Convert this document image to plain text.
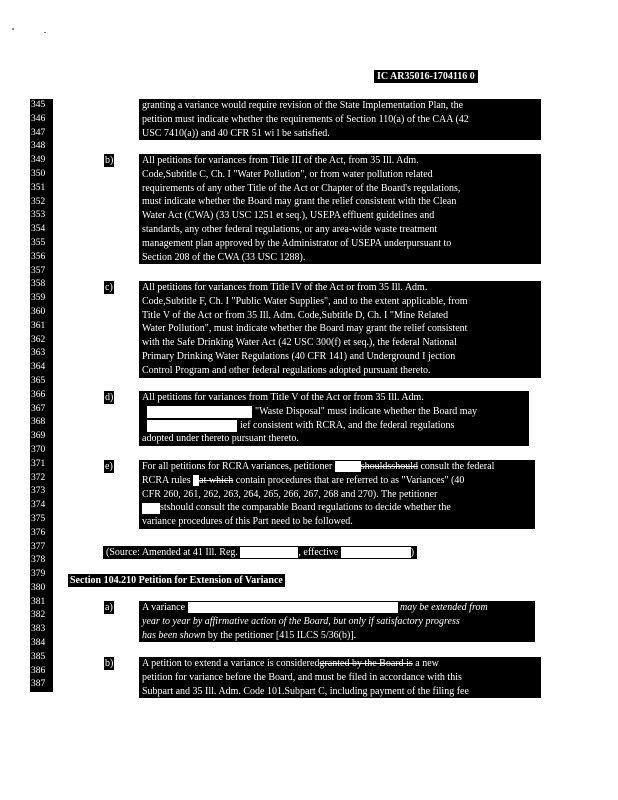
IC AR35016-1704116 0
345
346
347
348
349
350
351
352
353
354
355
356
357
358
359
360
361
362
363
364
365
366
367
368
369
370
371
372
373
374
375
376
377
378
379
380
381
382
383
384
385
386
387
granting a variance would require revision of the State Implementation Plan, the
petition must indicate whether the requirements of Section 110(a) of the CAA (42
USC 7410(a)) and 40 CFR 51 wi l be satisfied.
b)	All petitions for variances from Title III of the Act, from 35 Ill. Adm.
Code,Subtitle C, Ch. I "Water Pollution", or from water pollution related
requirements of any other Title of the Act or Chapter of the Board's regulations,
must indicate whether the Board may grant the relief consistent with the Clean
Water Act (CWA) (33 USC 1251 et seq.), USEPA effluent guidelines and
standards, any other federal regulations, or any area-wide waste treatment
management plan approved by the Administrator of USEPA underpursuant to
Section 208 of the CWA (33 USC 1288).
c)	All petitions for variances from Title IV of the Act or from 35 Ill. Adm.
Code,Subtitle F, Ch. I "Public Water Supplies", and to the extent applicable, from
Title V of the Act or from 35 Ill. Adm. Code,Subtitle D, Ch. I "Mine Related
Water Pollution", must indicate whether the Board may grant the relief consistent
with the Safe Drinking Water Act (42 USC 300(f) et seq.), the federal National
Primary Drinking Water Regulations (40 CFR 141) and Underground I jection
Control Program and other federal regulations adopted pursuant thereto.
d)	All petitions for variances from Title V of the Act or from 35 Ill. Adm.
"Waste Disposal" must indicate whether the Board may
ief consistent with RCRA, and the federal regulations
adopted under thereto pursuant thereto.
e)	For all petitions for RCRA variances, petitioner	shouldsshould consult the federal
RCRA rules at which contain procedures that are referred to as "Variances" (40
CFR 260, 261, 262, 263, 264, 265, 266, 267, 268 and 270). The petitioner
stshould consult the comparable Board regulations to decide whether the
variance procedures of this Part need to be followed.
(Source: Amended at 41 Ill. Reg.	, effective	)
Section 104.210 Petition for Extension of Variance
a)	A variance	may be extended from
year to year by affirmative action of the Board, but only if satisfactory progress
has been shown by the petitioner [415 ILCS 5/36(b)].
b)	A petition to extend a variance is consideredgranted by the Board is a new
petition for variance before the Board, and must be filed in accordance with this
Subpart and 35 Ill. Adm. Code 101.Subpart C, including payment of the filing fee
